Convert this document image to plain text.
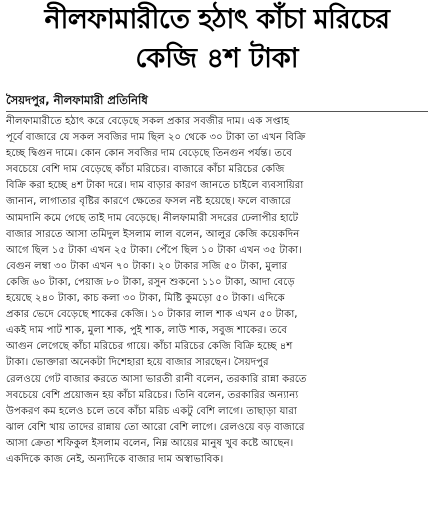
নীলফামারীতে হঠাৎ কাঁচা মরিচের
কেজি ৪শ টাকা
সৈয়দপুর, নীলফামারী প্রতিনিধি
নীলফামারীতে হঠাৎ করে বেড়েছে সকল প্রকার সবজীর দাম। এক সপ্তাহ
পূর্বে বাজারে যে সকল সবজির দাম ছিল ২০ থেকে ৩০ টাকা তা এখন বিক্রি
হচ্ছে দ্বিগুন দামে। কোন কোন সবজির দাম বেড়েছে তিনগুন পর্যন্ত। তবে
সবচেয়ে বেশি দাম বেড়েছে কাঁচা মরিচের। বাজারে কাঁচা মরিচের কেজি
বিক্রি করা হচ্ছে ৪শ টাকা দরে। দাম বাড়ার কারণ জানতে চাইলে ব্যবসায়িরা
জানান, লাগাতার বৃষ্টির কারণে ক্ষেতের ফসল নষ্ট হয়েছে। ফলে বাজারে
আমদানি কমে গেছে তাই দাম বেড়েছে। নীলফামারী সদরের ঢেলাপীর হাটে
বাজার সারতে আসা তমিদুল ইসলাম লাল বলেন, আলুর কেজি কয়েকদিন
আগে ছিল ১৫ টাকা এখন ২৫ টাকা। পেঁপে ছিল ১০ টাকা এখন ৩৫ টাকা।
বেগুন লম্বা ৩০ টাকা এখন ৭০ টাকা। ২০ টাকার সজি ৫০ টাকা, মুলার
কেজি ৬০ টাকা, পেয়াজ ৮০ টাকা, রসুন শুকনো ১১০ টাকা, আদা বেড়ে
হয়েছে ২৪০ টাকা, কাচ কলা ৩০ টাকা, মিষ্টি কুমড়ো ৫০ টাকা। এদিকে
প্রকার ভেদে বেড়েছে শাকের কেজি। ১০ টাকার লাল শাক এখন ৫০ টাকা,
একই দাম পাট শাক, মুলা শাক, পুই শাক, লাউ শাক, সবুজ শাকের। তবে
আগুন লেগেছে কাঁচা মরিচের গায়ে। কাঁচা মরিচের কেজি বিক্রি হচ্ছে ৪শ
টাকা। ভোক্তারা অনেকটা দিশেহারা হয়ে বাজার সারছেন। সৈয়দপুর
রেলওয়ে গেট বাজার করতে আসা ভারতী রানী বলেন, তরকারি রান্না করতে
সবচেয়ে বেশি প্রয়োজন হয় কাঁচা মরিচের। তিনি বলেন, তরকারির অন্যান্য
উপকরণ কম হলেও চলে তবে কাঁচা মরিচ একটু বেশি লাগে। তাছাড়া যারা
ঝাল বেশি খায় তাদের রান্নায় তো আরো বেশি লাগে। রেলওয়ে বড় বাজারে
আসা ক্রেতা শফিকুল ইসলাম বলেন, নিম্ন আয়ের মানুষ খুব কষ্টে আছেন।
একদিকে কাজ নেই, অন্যদিকে বাজার দাম অস্বাভাবিক।
